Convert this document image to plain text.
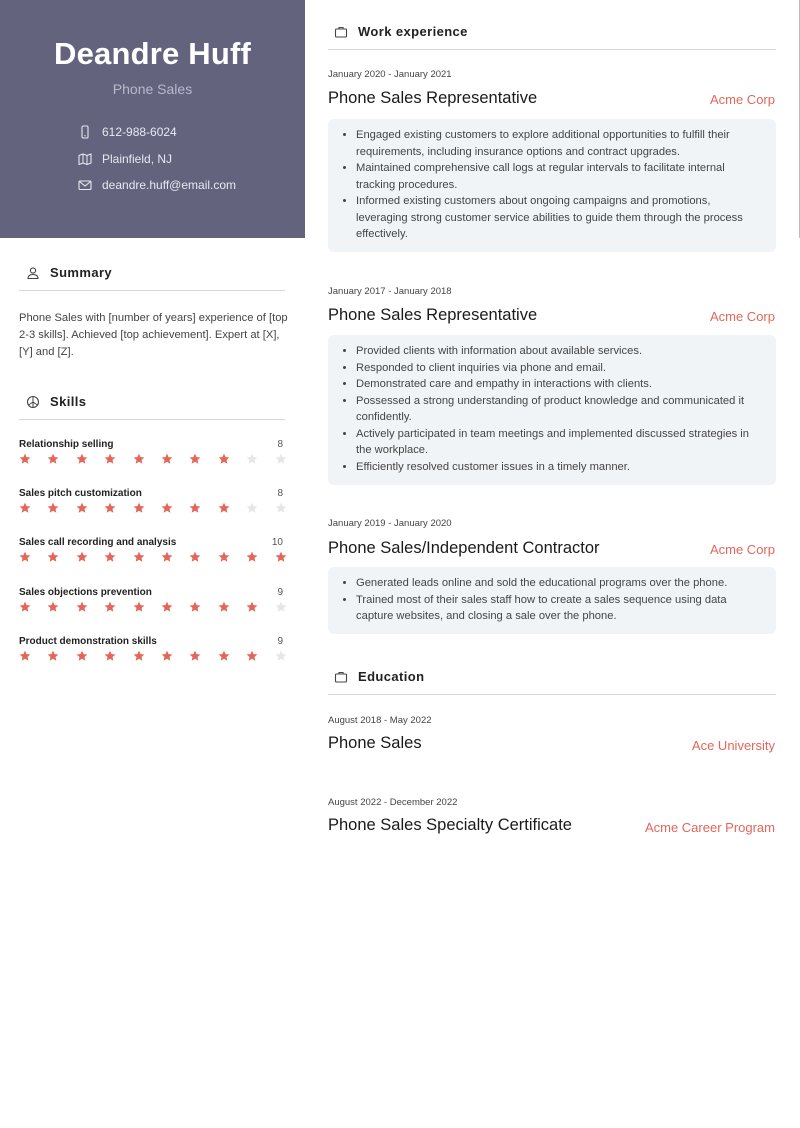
Deandre Huff
Phone Sales
612-988-6024
Plainfield, NJ
deandre.huff@email.com
Summary
Phone Sales with [number of years] experience of [top 2-3 skills]. Achieved [top achievement]. Expert at [X], [Y] and [Z].
Skills
Relationship selling	8
Sales pitch customization	8
Sales call recording and analysis	10
Sales objections prevention	9
Product demonstration skills	9
Work experience
January 2020 - January 2021
Phone Sales Representative	Acme Corp
• Engaged existing customers to explore additional opportunities to fulfill their requirements, including insurance options and contract upgrades.
• Maintained comprehensive call logs at regular intervals to facilitate internal tracking procedures.
• Informed existing customers about ongoing campaigns and promotions, leveraging strong customer service abilities to guide them through the process effectively.
January 2017 - January 2018
Phone Sales Representative	Acme Corp
• Provided clients with information about available services.
• Responded to client inquiries via phone and email.
• Demonstrated care and empathy in interactions with clients.
• Possessed a strong understanding of product knowledge and communicated it confidently.
• Actively participated in team meetings and implemented discussed strategies in the workplace.
• Efficiently resolved customer issues in a timely manner.
January 2019 - January 2020
Phone Sales/Independent Contractor	Acme Corp
• Generated leads online and sold the educational programs over the phone.
• Trained most of their sales staff how to create a sales sequence using data capture websites, and closing a sale over the phone.
Education
August 2018 - May 2022
Phone Sales	Ace University
August 2022 - December 2022
Phone Sales Specialty Certificate	Acme Career Program
